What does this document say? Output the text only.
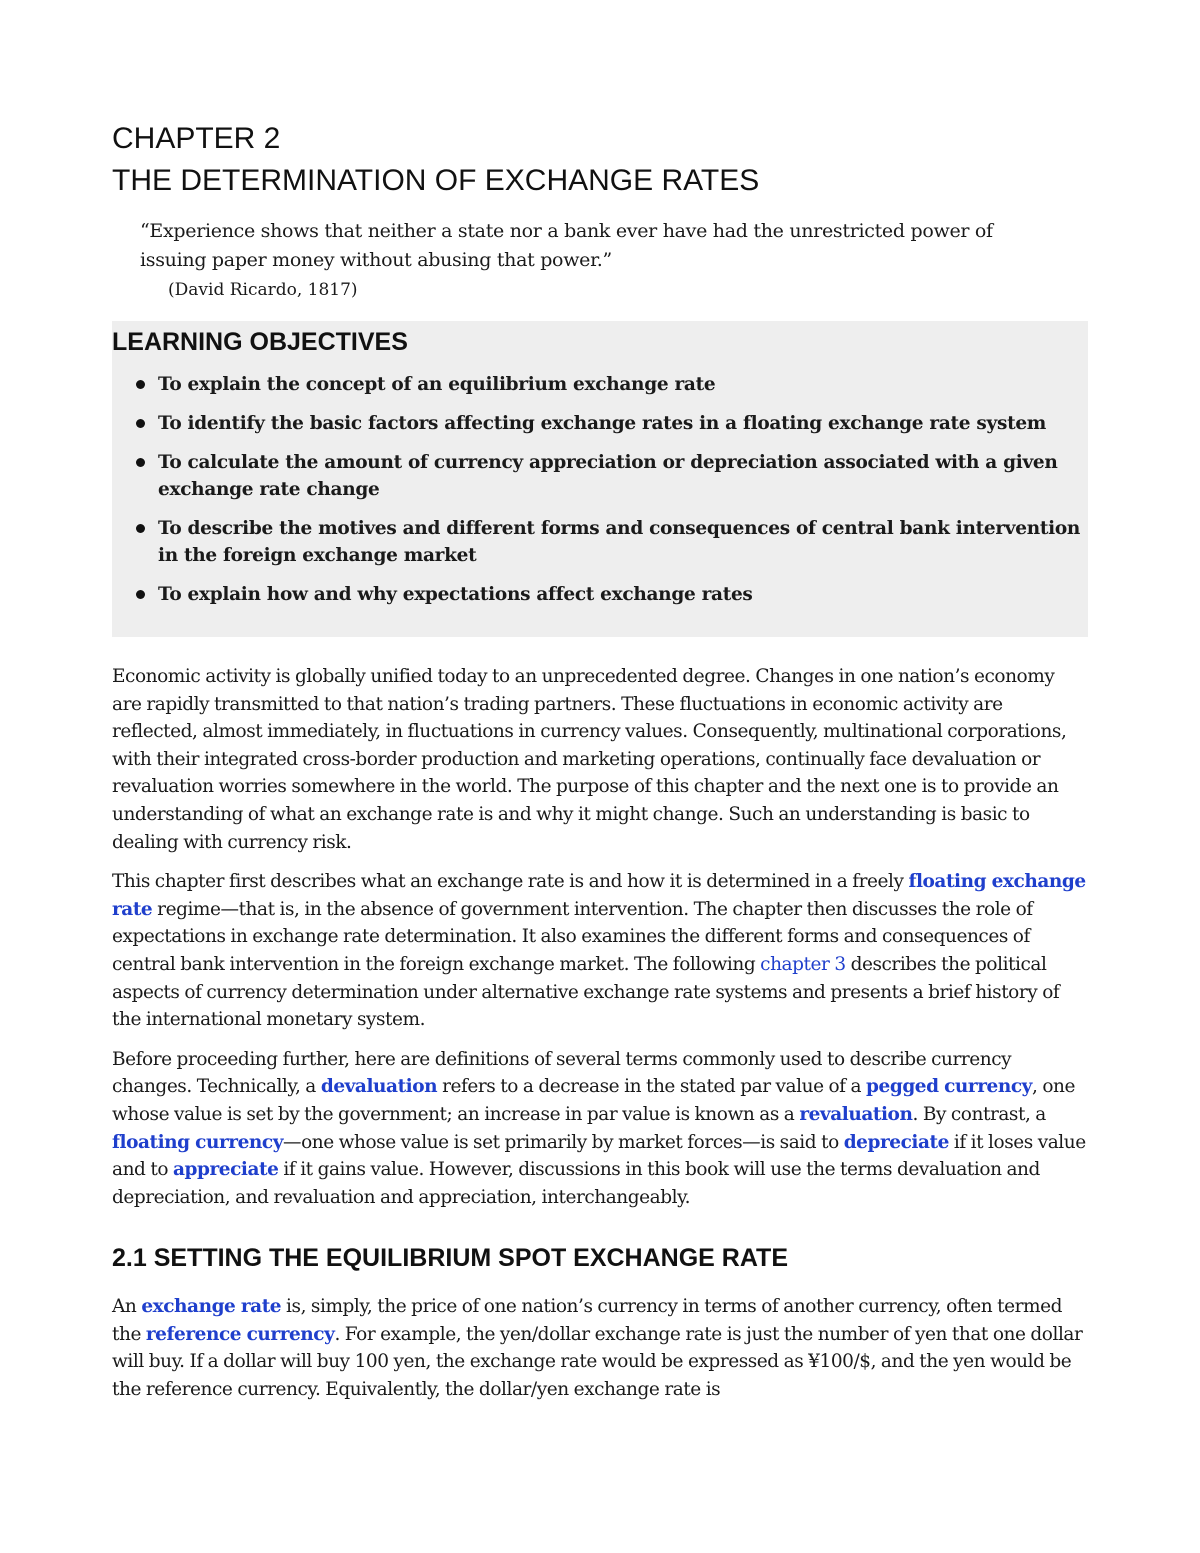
CHAPTER 2
THE DETERMINATION OF EXCHANGE RATES
“Experience shows that neither a state nor a bank ever have had the unrestricted power of issuing paper money without abusing that power.”
(David Ricardo, 1817)
LEARNING OBJECTIVES
To explain the concept of an equilibrium exchange rate
To identify the basic factors affecting exchange rates in a floating exchange rate system
To calculate the amount of currency appreciation or depreciation associated with a given exchange rate change
To describe the motives and different forms and consequences of central bank intervention in the foreign exchange market
To explain how and why expectations affect exchange rates

Economic activity is globally unified today to an unprecedented degree. Changes in one nation’s economy are rapidly transmitted to that nation’s trading partners. These fluctuations in economic activity are reflected, almost immediately, in fluctuations in currency values. Consequently, multinational corporations, with their integrated cross-border production and marketing operations, continually face devaluation or revaluation worries somewhere in the world. The purpose of this chapter and the next one is to provide an understanding of what an exchange rate is and why it might change. Such an understanding is basic to dealing with currency risk.

This chapter first describes what an exchange rate is and how it is determined in a freely floating exchange rate regime—that is, in the absence of government intervention. The chapter then discusses the role of expectations in exchange rate determination. It also examines the different forms and consequences of central bank intervention in the foreign exchange market. The following chapter 3 describes the political aspects of currency determination under alternative exchange rate systems and presents a brief history of the international monetary system.

Before proceeding further, here are definitions of several terms commonly used to describe currency changes. Technically, a devaluation refers to a decrease in the stated par value of a pegged currency, one whose value is set by the government; an increase in par value is known as a revaluation. By contrast, a floating currency—one whose value is set primarily by market forces—is said to depreciate if it loses value and to appreciate if it gains value. However, discussions in this book will use the terms devaluation and depreciation, and revaluation and appreciation, interchangeably.

2.1 SETTING THE EQUILIBRIUM SPOT EXCHANGE RATE

An exchange rate is, simply, the price of one nation’s currency in terms of another currency, often termed the reference currency. For example, the yen/dollar exchange rate is just the number of yen that one dollar will buy. If a dollar will buy 100 yen, the exchange rate would be expressed as ¥100/$, and the yen would be the reference currency. Equivalently, the dollar/yen exchange rate is
